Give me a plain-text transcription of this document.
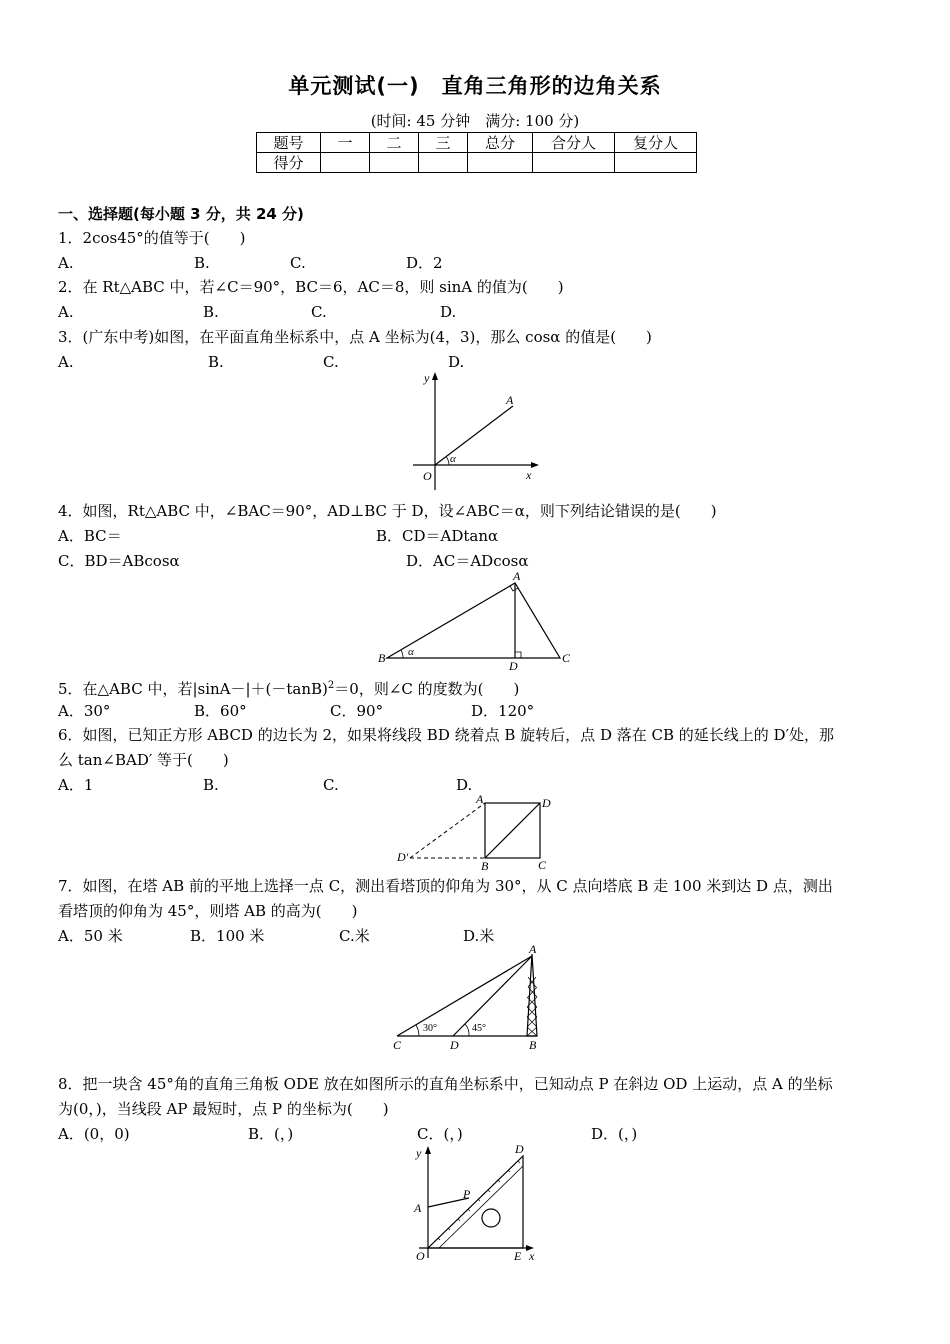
单元测试(一)　直角三角形的边角关系
(时间: 45 分钟　满分: 100 分)
题号	一	二	三	总分	合分人	复分人
得分						
一、选择题(每小题 3 分，共 24 分)
1．2cos45°的值等于(　　)
A.	B.	C.	D．2
2．在 Rt△ABC 中，若∠C＝90°，BC＝6，AC＝8，则 sinA 的值为(　　)
A.	B.	C.	D.
3．(广东中考)如图，在平面直角坐标系中，点 A 坐标为(4，3)，那么 cosα 的值是(　　)
A.	B.	C.	D.
y
A
α
O	x
4．如图，Rt△ABC 中，∠BAC＝90°，AD⊥BC 于 D，设∠ABC＝α，则下列结论错误的是(　　)
A．BC＝	B．CD＝ADtanα
C．BD＝ABcosα	D．AC＝ADcosα
A
B α
D
C
5．在△ABC 中，若$|\sin A-|+(-\tan B)^2=0$，则∠C 的度数为(　　)
A．30°	B．60°	C．90°	D．120°
6．如图，已知正方形 ABCD 的边长为 2，如果将线段 BD 绕着点 B 旋转后，点 D 落在 CB 的延长线上的 D′处，那
么 tan∠BAD′ 等于(　　)
A．1	B.	C.	D.
A	D
D′
B	C
7．如图，在塔 AB 前的平地上选择一点 C，测出看塔顶的仰角为 30°，从 C 点向塔底 B 走 100 米到达 D 点，测出
看塔顶的仰角为 45°，则塔 AB 的高为(　　)
A．50 米	B．100 米	C.米	D.米
A
30°	45°
C	D	B
8．把一块含 45°角的直角三角板 ODE 放在如图所示的直角坐标系中，已知动点 P 在斜边 OD 上运动，点 A 的坐标
为(0，)，当线段 AP 最短时，点 P 的坐标为(　　)
A．(0，0)	B．(，)	C．(，)	D．(，)
y	D
A
P
O	E x
